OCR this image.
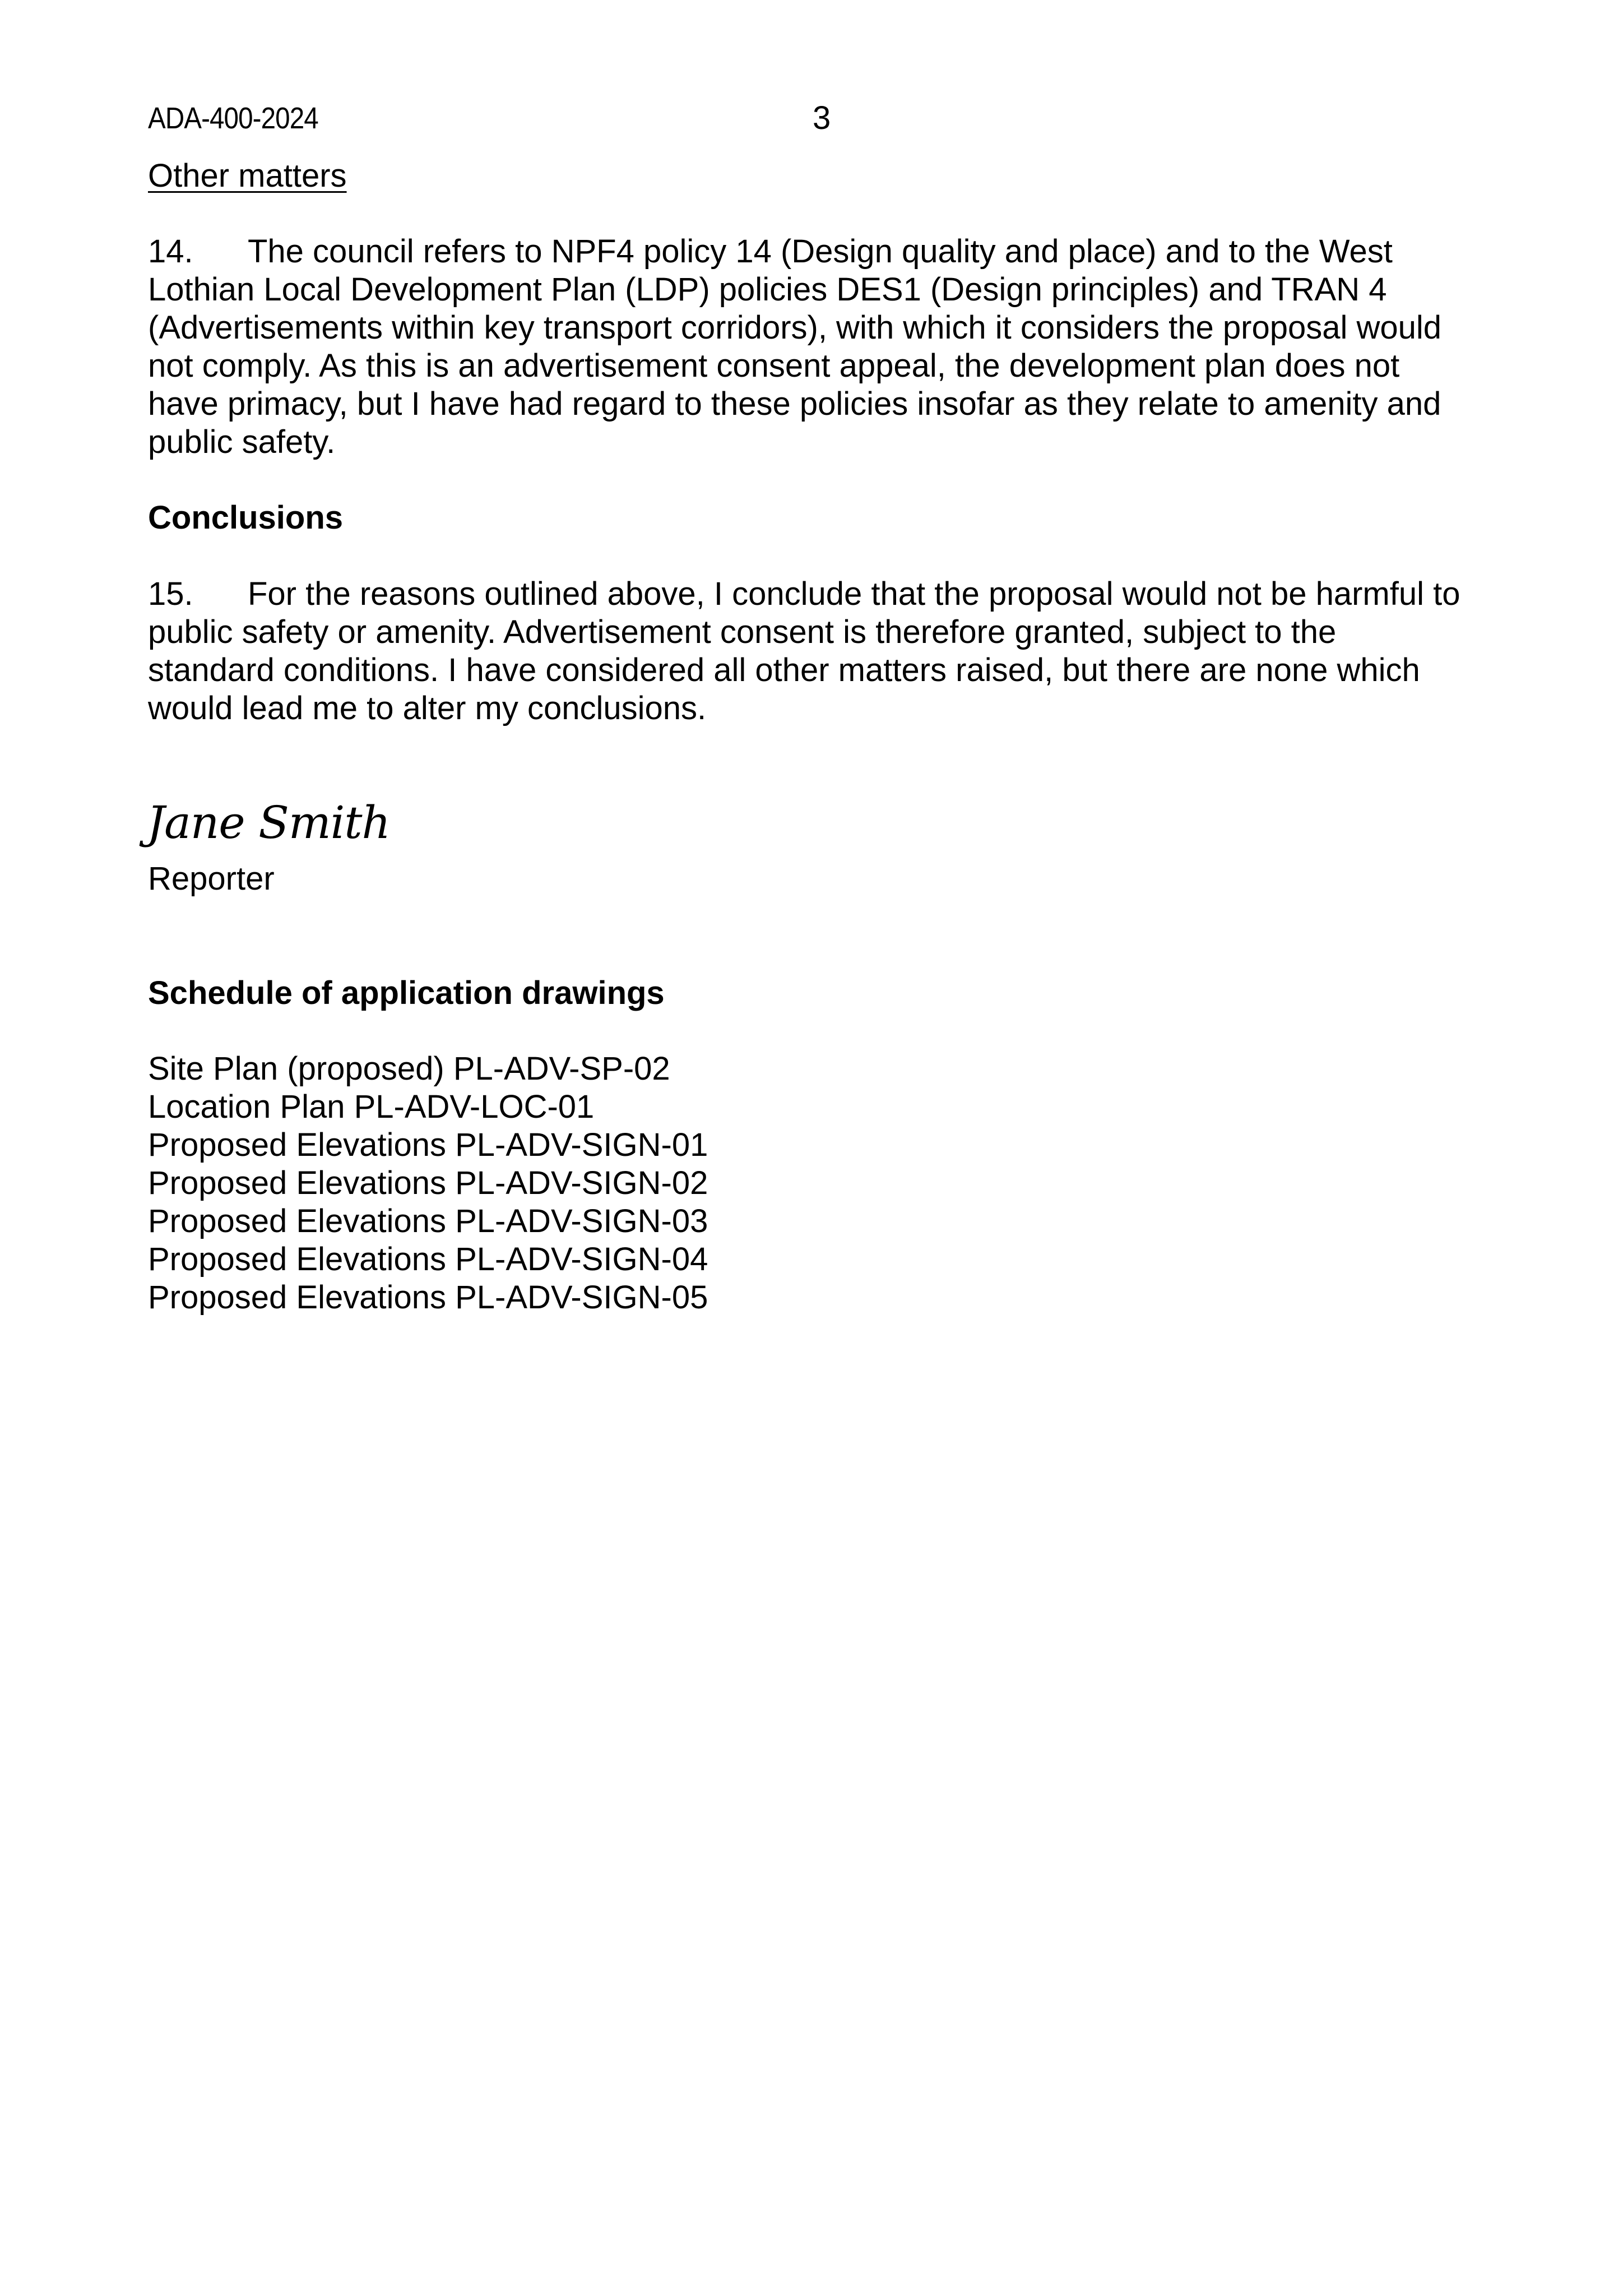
ADA-400-2024	3
Other matters

14. The council refers to NPF4 policy 14 (Design quality and place) and to the West

Lothian Local Development Plan (LDP) policies DES1 (Design principles) and TRAN 4

(Advertisements within key transport corridors), with which it considers the proposal would

not comply. As this is an advertisement consent appeal, the development plan does not

have primacy, but I have had regard to these policies insofar as they relate to amenity and

public safety.

Conclusions

15. For the reasons outlined above, I conclude that the proposal would not be harmful to

public safety or amenity. Advertisement consent is therefore granted, subject to the

standard conditions. I have considered all other matters raised, but there are none which

would lead me to alter my conclusions.

Jane Smith
Reporter
Schedule of application drawings

Site Plan (proposed) PL-ADV-SP-02

Location Plan PL-ADV-LOC-01

Proposed Elevations PL-ADV-SIGN-01

Proposed Elevations PL-ADV-SIGN-02

Proposed Elevations PL-ADV-SIGN-03

Proposed Elevations PL-ADV-SIGN-04

Proposed Elevations PL-ADV-SIGN-05
